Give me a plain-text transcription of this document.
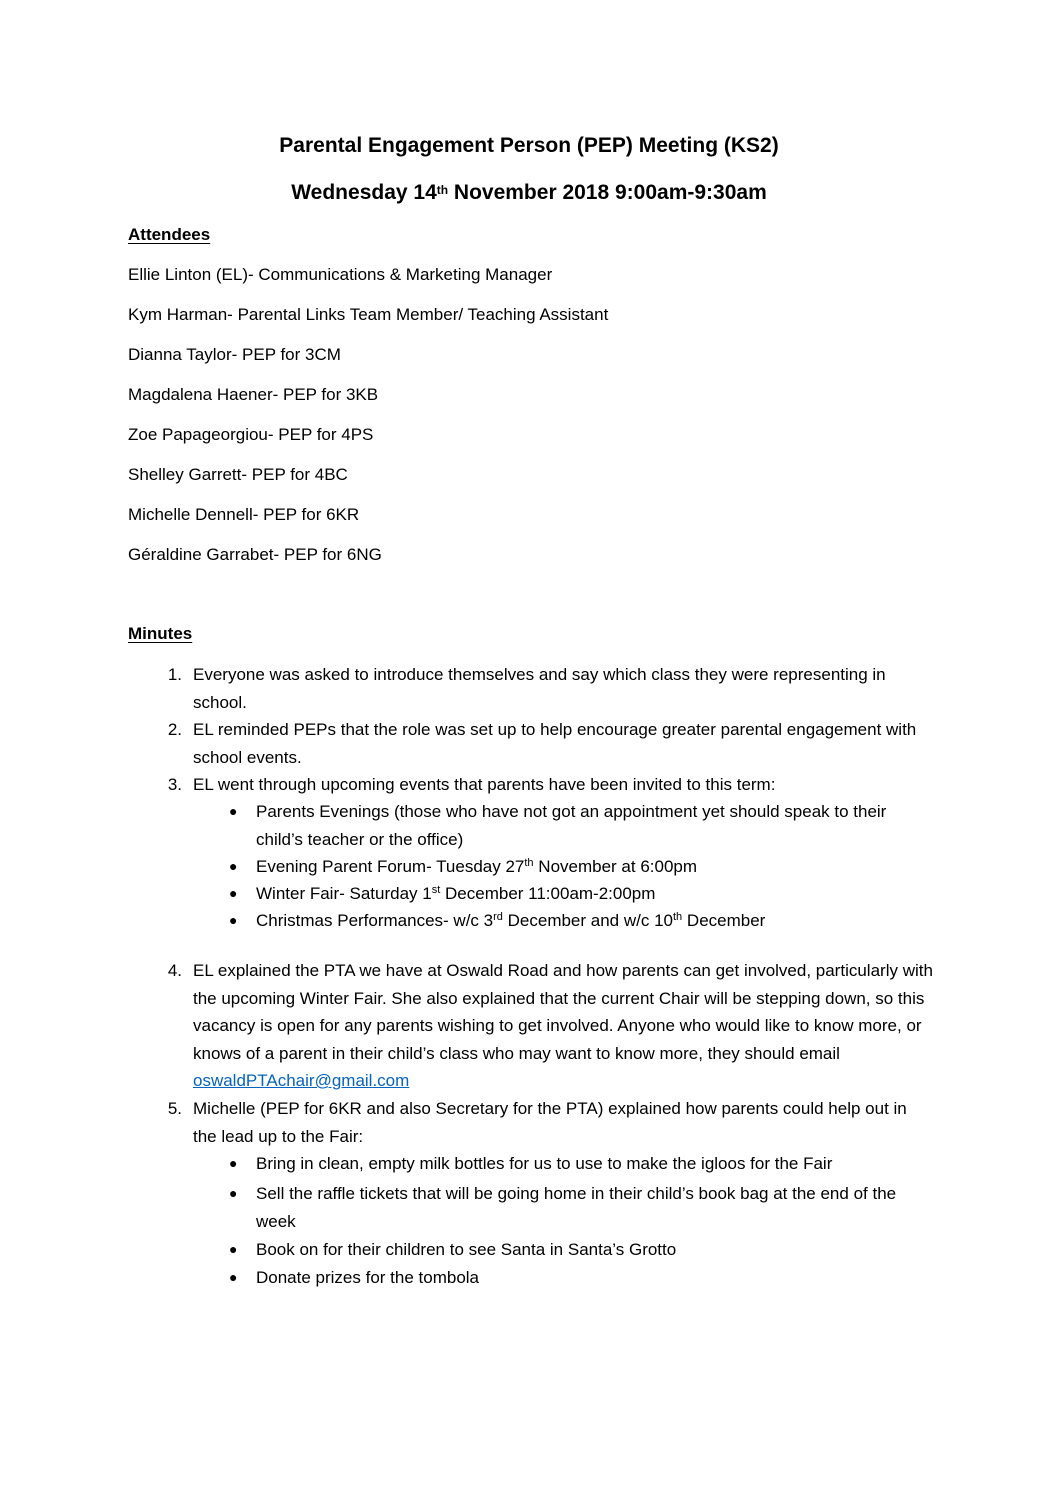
Parental Engagement Person (PEP) Meeting (KS2)
Wednesday 14th November 2018 9:00am-9:30am
Attendees
Ellie Linton (EL)- Communications & Marketing Manager
Kym Harman- Parental Links Team Member/ Teaching Assistant
Dianna Taylor- PEP for 3CM
Magdalena Haener- PEP for 3KB
Zoe Papageorgiou- PEP for 4PS
Shelley Garrett- PEP for 4BC
Michelle Dennell- PEP for 6KR
Géraldine Garrabet- PEP for 6NG
Minutes
1. Everyone was asked to introduce themselves and say which class they were representing in school.
2. EL reminded PEPs that the role was set up to help encourage greater parental engagement with school events.
3. EL went through upcoming events that parents have been invited to this term:
● Parents Evenings (those who have not got an appointment yet should speak to their child’s teacher or the office)
● Evening Parent Forum- Tuesday 27th November at 6:00pm
● Winter Fair- Saturday 1st December 11:00am-2:00pm
● Christmas Performances- w/c 3rd December and w/c 10th December
4. EL explained the PTA we have at Oswald Road and how parents can get involved, particularly with the upcoming Winter Fair. She also explained that the current Chair will be stepping down, so this vacancy is open for any parents wishing to get involved. Anyone who would like to know more, or knows of a parent in their child’s class who may want to know more, they should email oswaldPTAchair@gmail.com
5. Michelle (PEP for 6KR and also Secretary for the PTA) explained how parents could help out in the lead up to the Fair:
● Bring in clean, empty milk bottles for us to use to make the igloos for the Fair
● Sell the raffle tickets that will be going home in their child’s book bag at the end of the week
● Book on for their children to see Santa in Santa’s Grotto
● Donate prizes for the tombola
